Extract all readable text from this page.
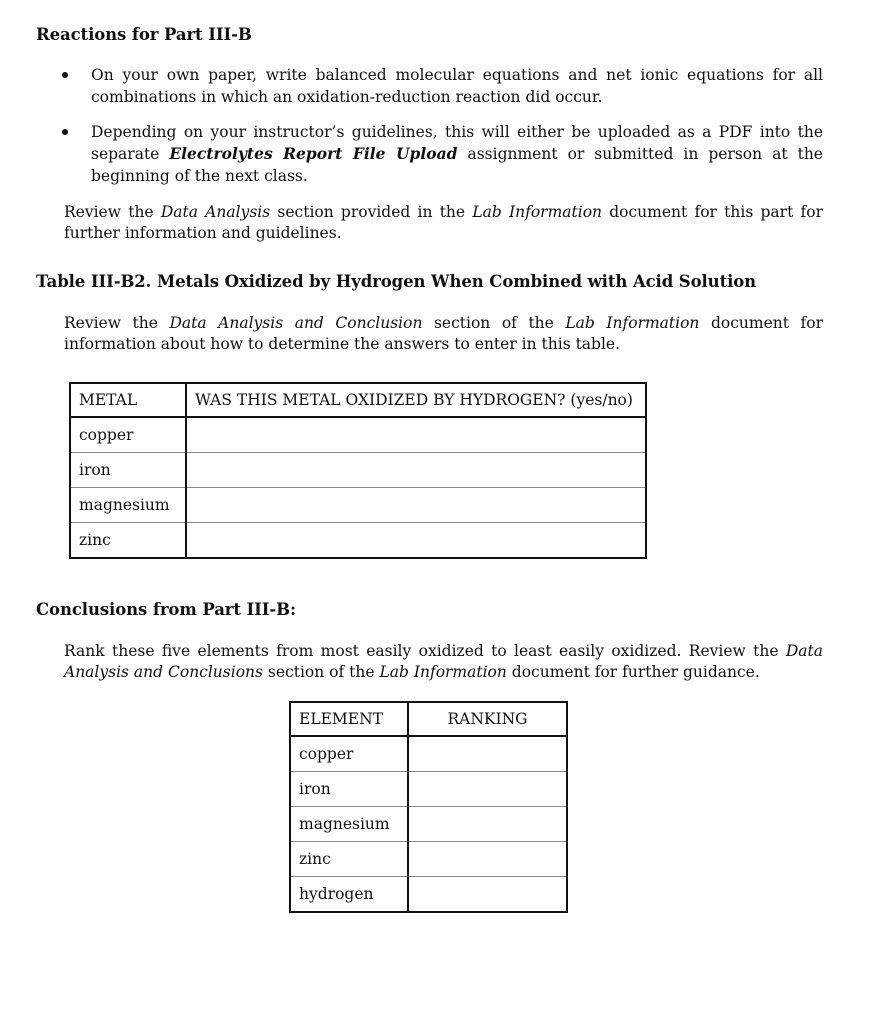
Reactions for Part III-B
On your own paper, write balanced molecular equations and net ionic equations for all combinations in which an oxidation-reduction reaction did occur.
Depending on your instructor’s guidelines, this will either be uploaded as a PDF into the separate Electrolytes Report File Upload assignment or submitted in person at the beginning of the next class.

Review the Data Analysis section provided in the Lab Information document for this part for further information and guidelines.

Table III-B2. Metals Oxidized by Hydrogen When Combined with Acid Solution

Review the Data Analysis and Conclusion section of the Lab Information document for information about how to determine the answers to enter in this table.

METAL	WAS THIS METAL OXIDIZED BY HYDROGEN? (yes/no)
copper	
iron	
magnesium	
zinc	
Conclusions from Part III-B:

Rank these five elements from most easily oxidized to least easily oxidized. Review the Data Analysis and Conclusions section of the Lab Information document for further guidance.

ELEMENT	RANKING
copper	
iron	
magnesium	
zinc	
hydrogen	
